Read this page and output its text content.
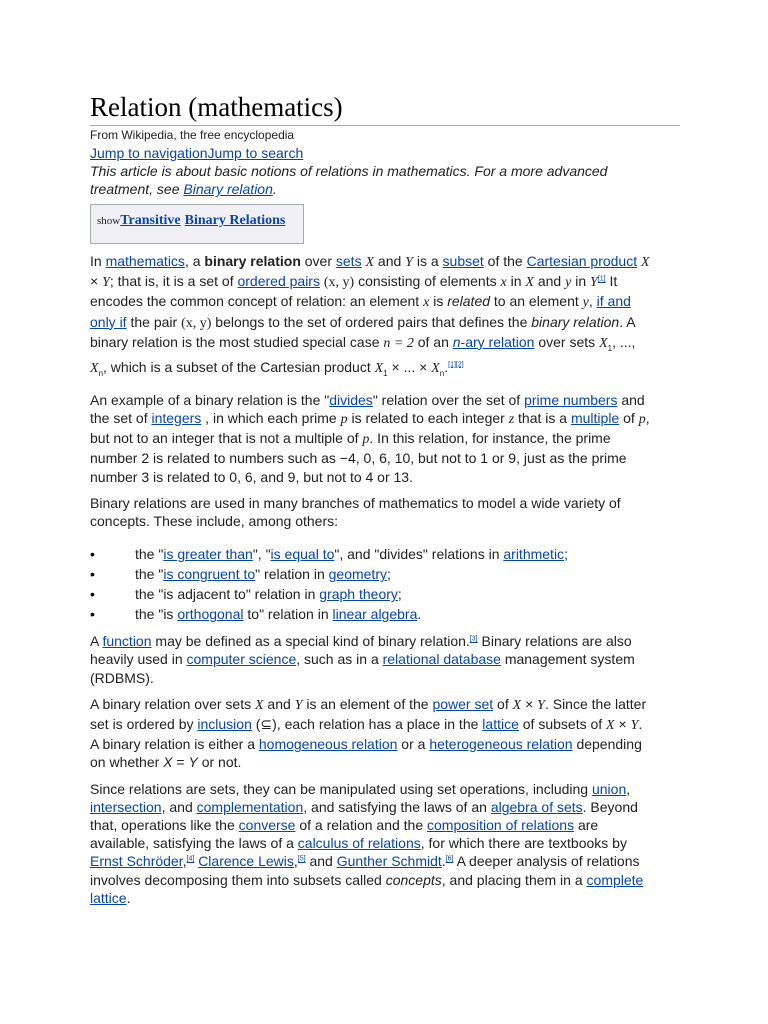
Relation (mathematics)
From Wikipedia, the free encyclopedia
Jump to navigationJump to search
This article is about basic notions of relations in mathematics. For a more advanced treatment, see Binary relation.
showTransitive Binary Relations

In mathematics, a binary relation over sets X and Y is a subset of the Cartesian product X × Y; that is, it is a set of ordered pairs (x, y) consisting of elements x in X and y in Y[1] It encodes the common concept of relation: an element x is related to an element y, if and only if the pair (x, y) belongs to the set of ordered pairs that defines the binary relation. A binary relation is the most studied special case n = 2 of an n-ary relation over sets $X_1$, ..., $X_n$, which is a subset of the Cartesian product $X_1$ × ... × $X_n.[1][2]$

An example of a binary relation is the "divides" relation over the set of prime numbers and the set of integers , in which each prime p is related to each integer z that is a multiple of p, but not to an integer that is not a multiple of p. In this relation, for instance, the prime number 2 is related to numbers such as −4, 0, 6, 10, but not to 1 or 9, just as the prime number 3 is related to 0, 6, and 9, but not to 4 or 13.

Binary relations are used in many branches of mathematics to model a wide variety of concepts. These include, among others:

• the "is greater than", "is equal to", and "divides" relations in arithmetic;
• the "is congruent to" relation in geometry;
• the "is adjacent to" relation in graph theory;
• the "is orthogonal to" relation in linear algebra.

A function may be defined as a special kind of binary relation.[3] Binary relations are also heavily used in computer science, such as in a relational database management system (RDBMS).

A binary relation over sets X and Y is an element of the power set of X × Y. Since the latter set is ordered by inclusion (⊆), each relation has a place in the lattice of subsets of X × Y. A binary relation is either a homogeneous relation or a heterogeneous relation depending on whether X = Y or not.

Since relations are sets, they can be manipulated using set operations, including union, intersection, and complementation, and satisfying the laws of an algebra of sets. Beyond that, operations like the converse of a relation and the composition of relations are available, satisfying the laws of a calculus of relations, for which there are textbooks by Ernst Schröder,[4] Clarence Lewis,[5] and Gunther Schmidt.[6] A deeper analysis of relations involves decomposing them into subsets called concepts, and placing them in a complete lattice.
